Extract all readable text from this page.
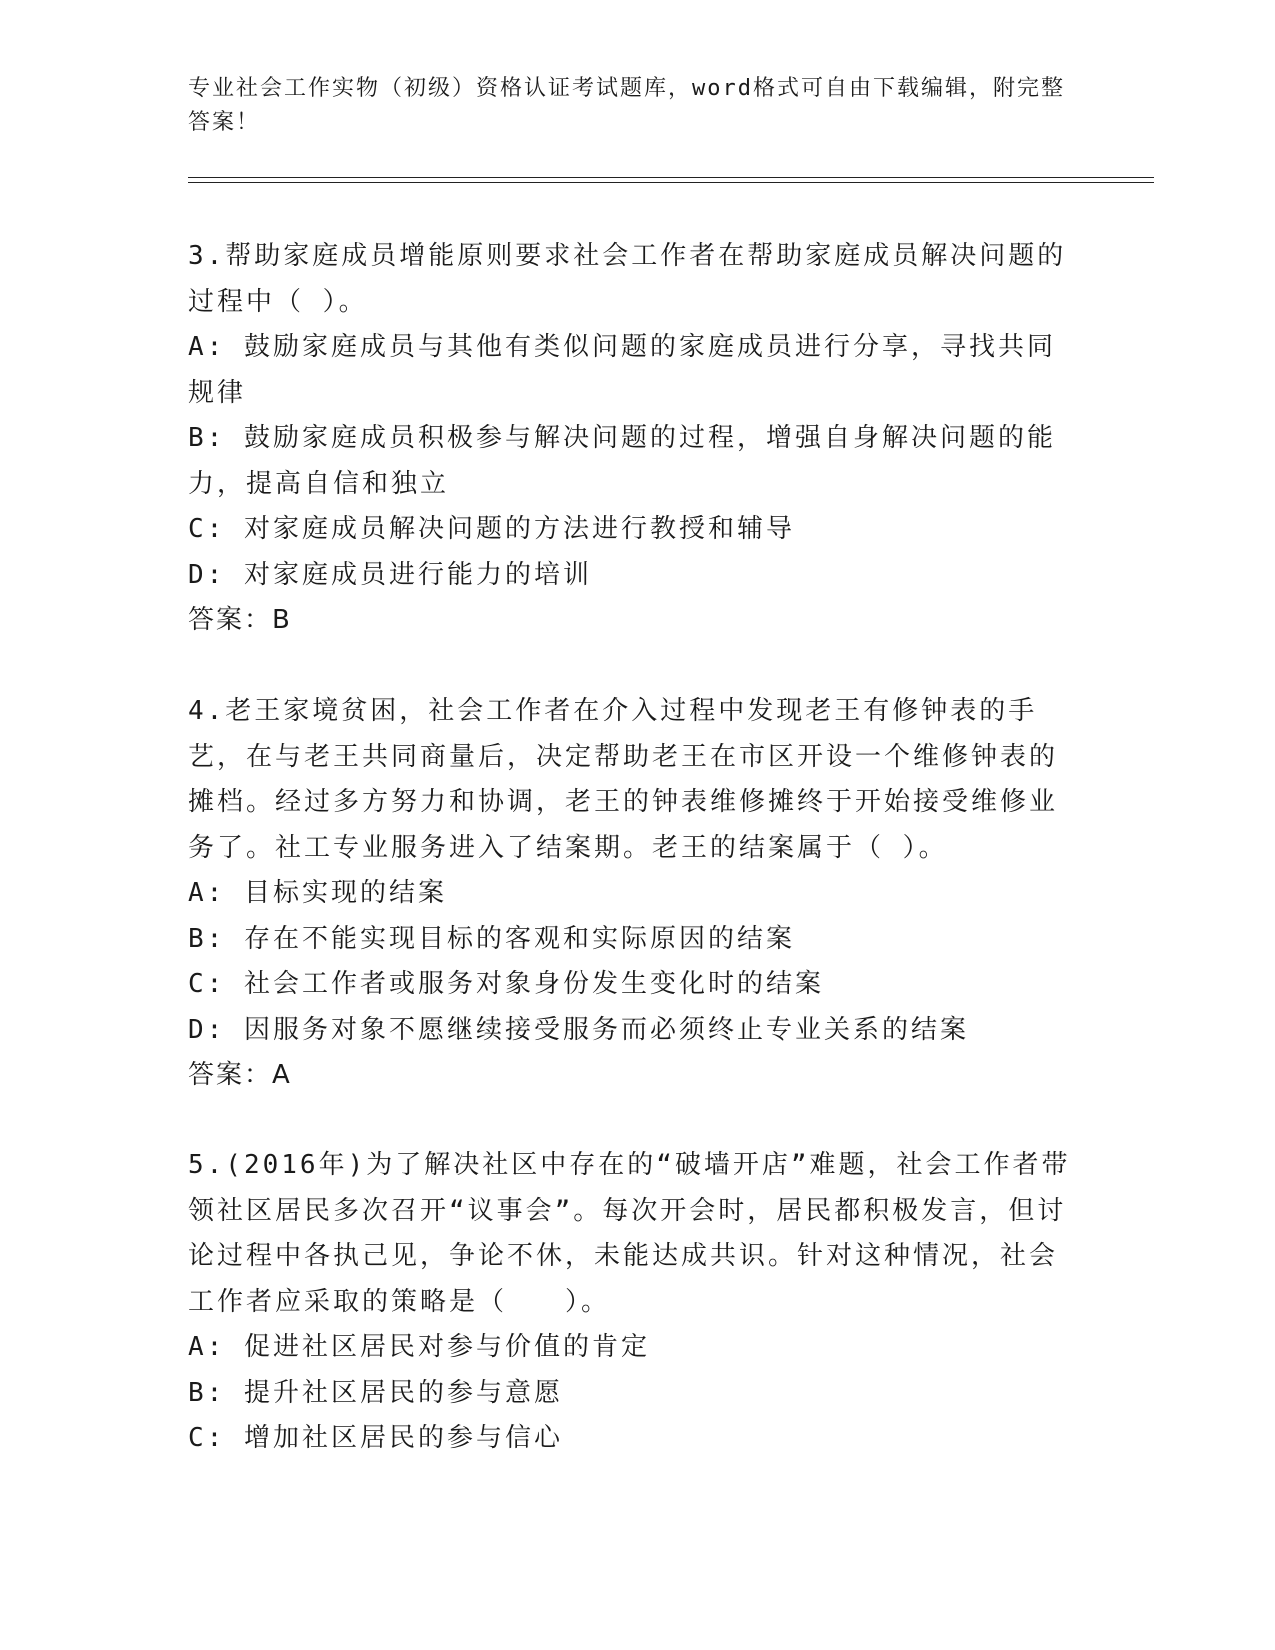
专业社会工作实物（初级）资格认证考试题库，word格式可自由下载编辑，附完整答案！

3.帮助家庭成员增能原则要求社会工作者在帮助家庭成员解决问题的过程中（ ）。

A: 鼓励家庭成员与其他有类似问题的家庭成员进行分享，寻找共同规律

B: 鼓励家庭成员积极参与解决问题的过程，增强自身解决问题的能力，提高自信和独立

C: 对家庭成员解决问题的方法进行教授和辅导

D: 对家庭成员进行能力的培训

答案：B

4.老王家境贫困，社会工作者在介入过程中发现老王有修钟表的手艺，在与老王共同商量后，决定帮助老王在市区开设一个维修钟表的摊档。经过多方努力和协调，老王的钟表维修摊终于开始接受维修业务了。社工专业服务进入了结案期。老王的结案属于（ ）。

A: 目标实现的结案

B: 存在不能实现目标的客观和实际原因的结案

C: 社会工作者或服务对象身份发生变化时的结案

D: 因服务对象不愿继续接受服务而必须终止专业关系的结案

答案：A

5.(2016年)为了解决社区中存在的“破墙开店”难题，社会工作者带领社区居民多次召开“议事会”。每次开会时，居民都积极发言，但讨论过程中各执己见，争论不休，未能达成共识。针对这种情况，社会工作者应采取的策略是（　　）。

A: 促进社区居民对参与价值的肯定

B: 提升社区居民的参与意愿

C: 增加社区居民的参与信心
